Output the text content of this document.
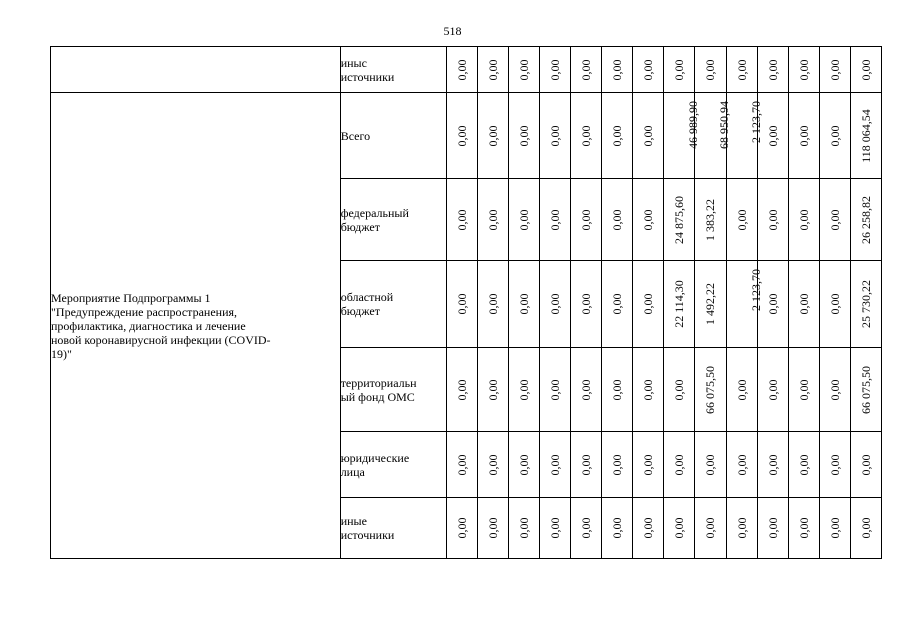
518
	иныс
источники	0,00	0,00	0,00	0,00	0,00	0,00	0,00	0,00	0,00	0,00	0,00	0,00	0,00	0,00

Мероприятие Подпрограммы 1
"Предупреждение распространения,
профилактика, диагностика и лечение
новой коронавирусной инфекции (COVID-
19)"	Всего	0,00	0,00	0,00	0,00	0,00	0,00	0,00	46 989,90	68 950,94	2 123,70	0,00	0,00	0,00	118 064,54

	федеральный
бюджет	0,00	0,00	0,00	0,00	0,00	0,00	0,00	24 875,60	1 383,22	0,00	0,00	0,00	0,00	26 258,82

	областной
бюджет	0,00	0,00	0,00	0,00	0,00	0,00	0,00	22 114,30	1 492,22	2 123,70	0,00	0,00	0,00	25 730,22

	территориальн
ый фонд ОМС	0,00	0,00	0,00	0,00	0,00	0,00	0,00	0,00	66 075,50	0,00	0,00	0,00	0,00	66 075,50

	юридические
лица	0,00	0,00	0,00	0,00	0,00	0,00	0,00	0,00	0,00	0,00	0,00	0,00	0,00	0,00

	иные
источники	0,00	0,00	0,00	0,00	0,00	0,00	0,00	0,00	0,00	0,00	0,00	0,00	0,00	0,00
